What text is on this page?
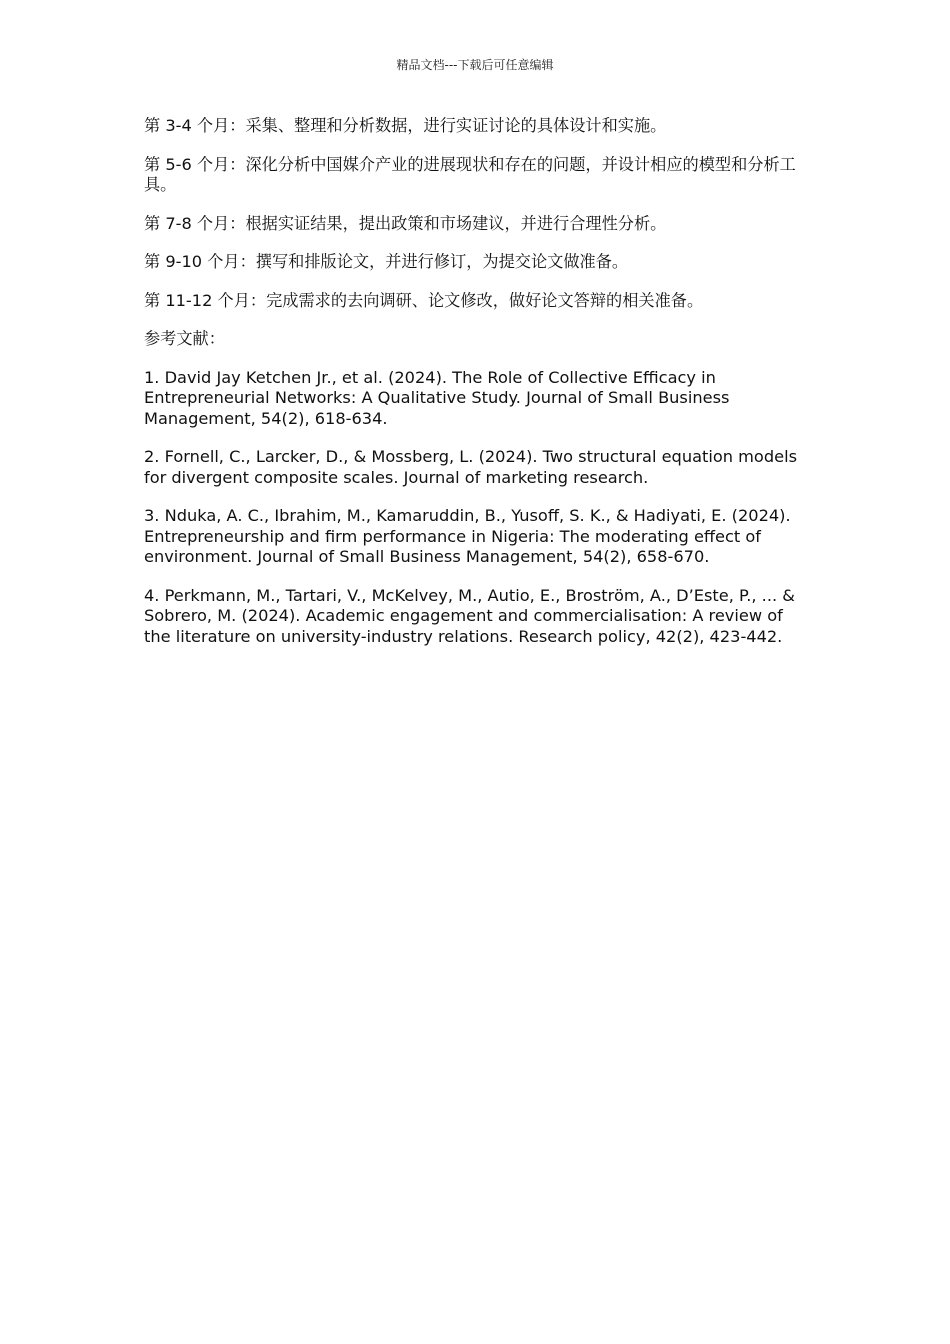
精品文档---下载后可任意编辑

第 3-4 个月：采集、整理和分析数据，进行实证讨论的具体设计和实施。

第 5-6 个月：深化分析中国媒介产业的进展现状和存在的问题，并设计相应的模型和分析工具。

第 7-8 个月：根据实证结果，提出政策和市场建议，并进行合理性分析。

第 9-10 个月：撰写和排版论文，并进行修订，为提交论文做准备。

第 11-12 个月：完成需求的去向调研、论文修改，做好论文答辩的相关准备。

参考文献：

1. David Jay Ketchen Jr., et al. (2024). The Role of Collective Efficacy in Entrepreneurial Networks: A Qualitative Study. Journal of Small Business Management, 54(2), 618-634.

2. Fornell, C., Larcker, D., & Mossberg, L. (2024). Two structural equation models for divergent composite scales. Journal of marketing research.

3. Nduka, A. C., Ibrahim, M., Kamaruddin, B., Yusoff, S. K., & Hadiyati, E. (2024). Entrepreneurship and firm performance in Nigeria: The moderating effect of environment. Journal of Small Business Management, 54(2), 658-670.

4. Perkmann, M., Tartari, V., McKelvey, M., Autio, E., Broström, A., D’Este, P., ... & Sobrero, M. (2024). Academic engagement and commercialisation: A review of the literature on university-industry relations. Research policy, 42(2), 423-442.
